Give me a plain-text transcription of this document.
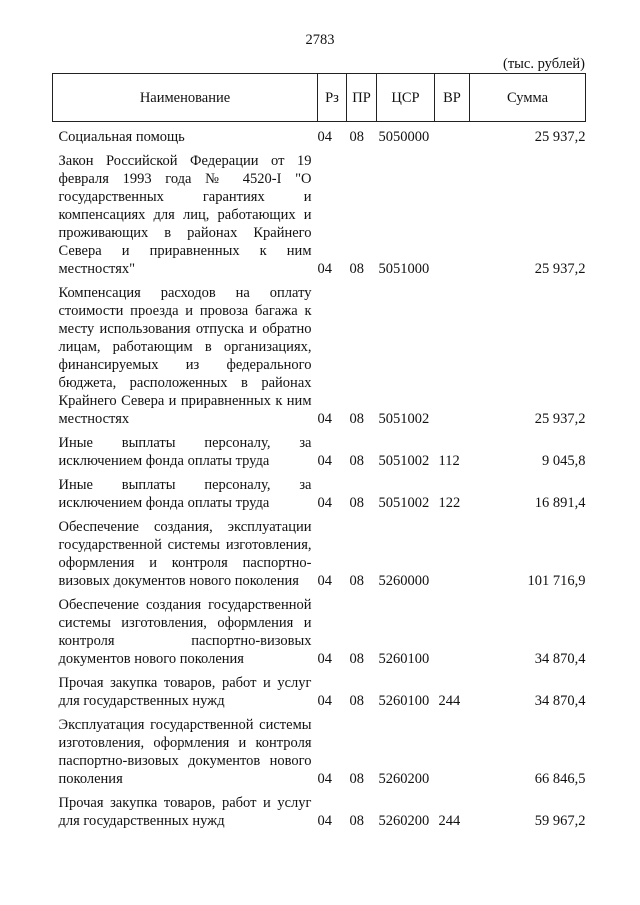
2783
(тыс. рублей)
Наименование	Рз	ПР	ЦСР	ВР	Сумма
Социальная помощь	04	08	5050000		25 937,2
Закон Российской Федерации от 19 февраля 1993 года № 4520-I "О государственных гарантиях и компенсациях для лиц, работающих и проживающих в районах Крайнего Севера и приравненных к ним местностях"	04	08	5051000		25 937,2
Компенсация расходов на оплату стоимости проезда и провоза багажа к месту использования отпуска и обратно лицам, работающим в организациях, финансируемых из федерального бюджета, расположенных в районах Крайнего Севера и приравненных к ним местностях	04	08	5051002		25 937,2
Иные выплаты персоналу, за исключением фонда оплаты труда	04	08	5051002	112	9 045,8
Иные выплаты персоналу, за исключением фонда оплаты труда	04	08	5051002	122	16 891,4
Обеспечение создания, эксплуатации государственной системы изготовления, оформления и контроля паспортно-визовых документов нового поколения	04	08	5260000		101 716,9
Обеспечение создания государственной системы изготовления, оформления и контроля паспортно-визовых документов нового поколения	04	08	5260100		34 870,4
Прочая закупка товаров, работ и услуг для государственных нужд	04	08	5260100	244	34 870,4
Эксплуатация государственной системы изготовления, оформления и контроля паспортно-визовых документов нового поколения	04	08	5260200		66 846,5
Прочая закупка товаров, работ и услуг для государственных нужд	04	08	5260200	244	59 967,2
